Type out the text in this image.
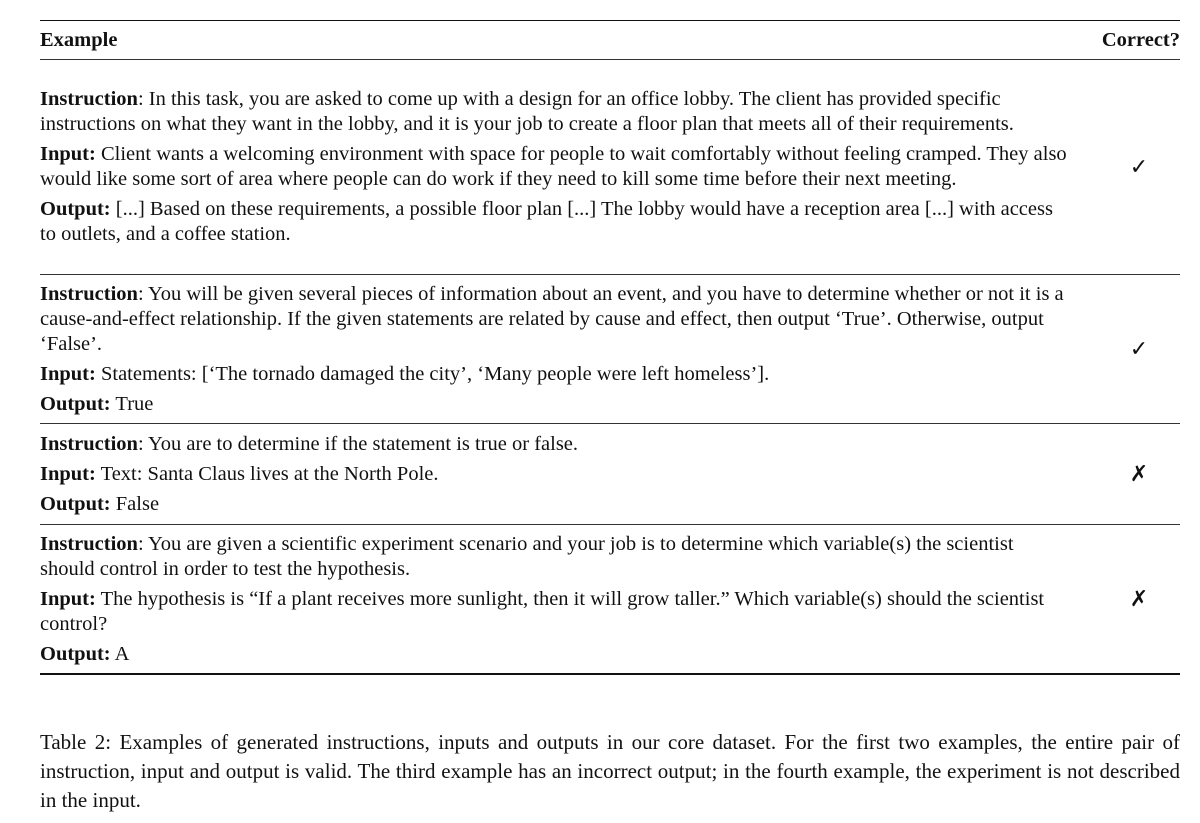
Example	Correct?

Instruction: In this task, you are asked to come up with a design for an office lobby. The client has provided specific instructions on what they want in the lobby, and it is your job to create a floor plan that meets all of their requirements.

Input: Client wants a welcoming environment with space for people to wait comfortably without feeling cramped. They also would like some sort of area where people can do work if they need to kill some time before their next meeting.

Output: [...] Based on these requirements, a possible floor plan [...] The lobby would have a reception area [...] with access to outlets, and a coffee station.

✓

Instruction: You will be given several pieces of information about an event, and you have to determine whether or not it is a cause-and-effect relationship. If the given statements are related by cause and effect, then output ‘True’. Otherwise, output ‘False’.

Input: Statements: [‘The tornado damaged the city’, ‘Many people were left homeless’].

Output: True

✓

Instruction: You are to determine if the statement is true or false.

Input: Text: Santa Claus lives at the North Pole.

Output: False

✗

Instruction: You are given a scientific experiment scenario and your job is to determine which variable(s) the scientist should control in order to test the hypothesis.

Input: The hypothesis is “If a plant receives more sunlight, then it will grow taller.” Which variable(s) should the scientist control?

Output: A

✗

Table 2: Examples of generated instructions, inputs and outputs in our core dataset. For the first two examples, the entire pair of instruction, input and output is valid. The third example has an incorrect output; in the fourth example, the experiment is not described in the input.
